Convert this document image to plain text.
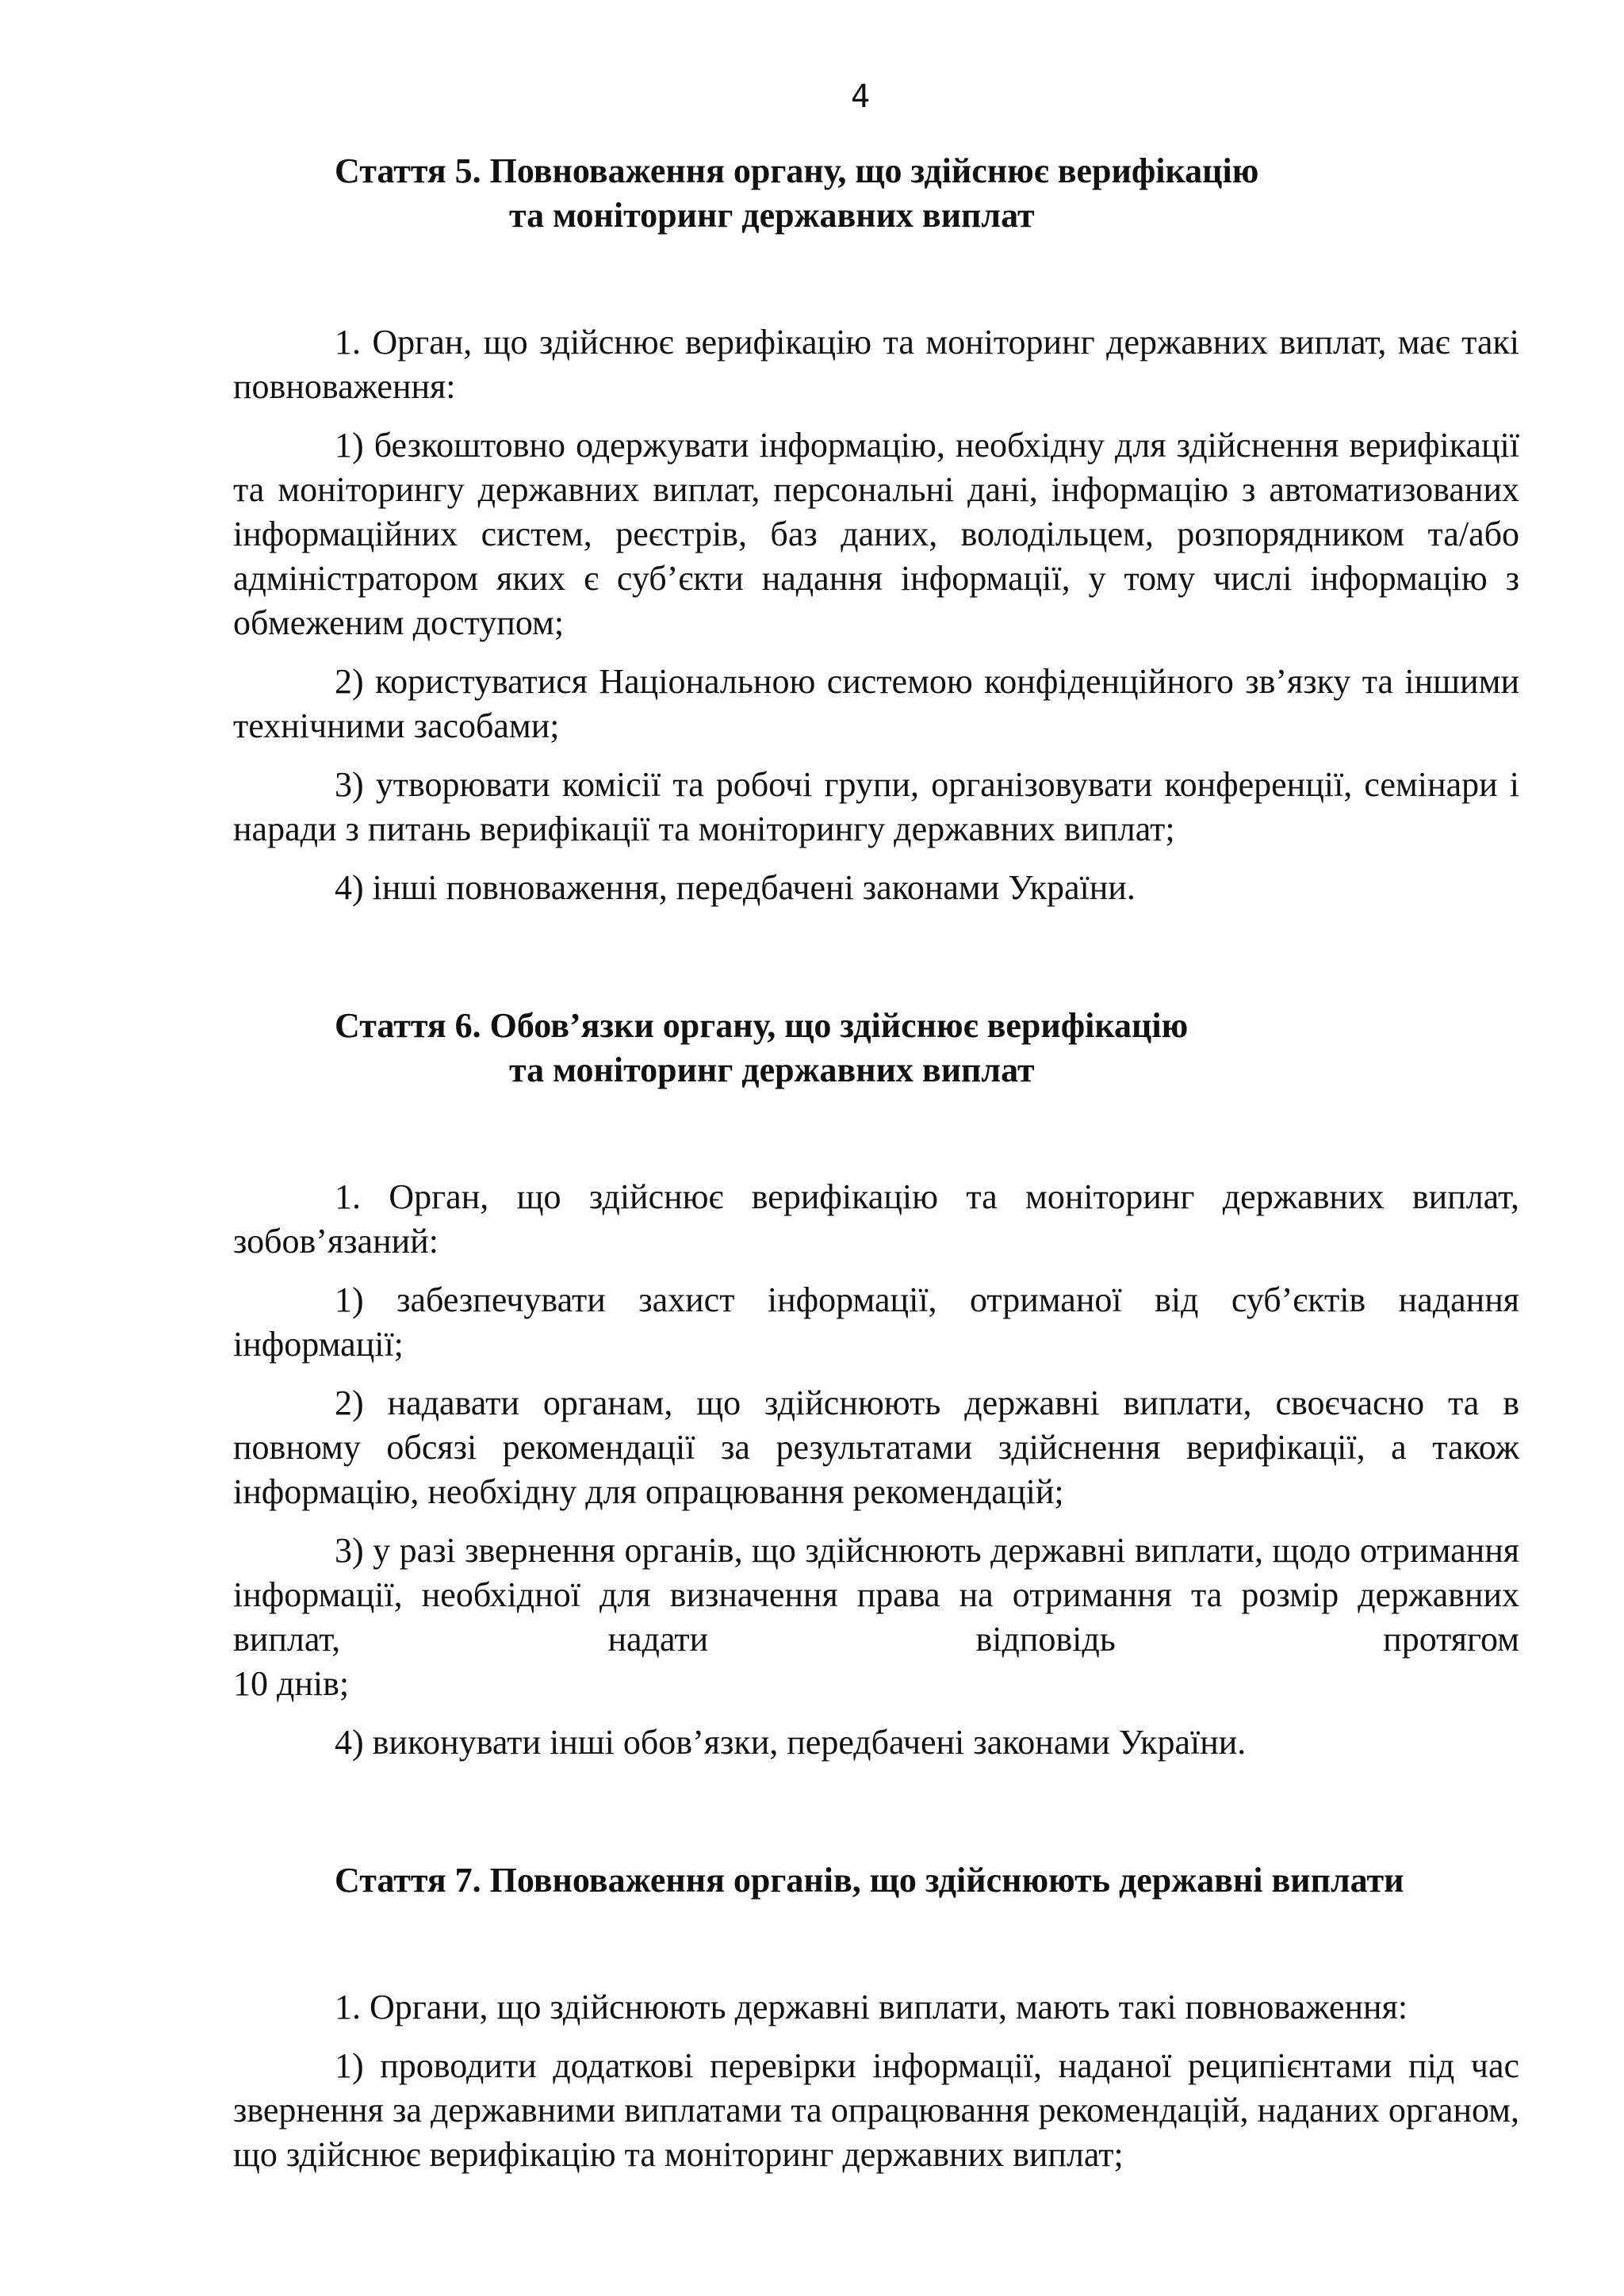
4
Стаття 5. Повноваження органу, що здійснює верифікацію
та моніторинг державних виплат

1. Орган, що здійснює верифікацію та моніторинг державних виплат, має такі повноваження:

1) безкоштовно одержувати інформацію, необхідну для здійснення верифікації та моніторингу державних виплат, персональні дані, інформацію з автоматизованих інформаційних систем, реєстрів, баз даних, володільцем, розпорядником та/або адміністратором яких є суб’єкти надання інформації, у тому числі інформацію з обмеженим доступом;

2) користуватися Національною системою конфіденційного зв’язку та іншими технічними засобами;

3) утворювати комісії та робочі групи, організовувати конференції, семінари і наради з питань верифікації та моніторингу державних виплат;

4) інші повноваження, передбачені законами України.

Стаття 6. Обов’язки органу, що здійснює верифікацію
та моніторинг державних виплат

1. Орган, що здійснює верифікацію та моніторинг державних виплат, зобов’язаний:

1) забезпечувати захист інформації, отриманої від суб’єктів надання інформації;

2) надавати органам, що здійснюють державні виплати, своєчасно та в повному обсязі рекомендації за результатами здійснення верифікації, а також інформацію, необхідну для опрацювання рекомендацій;

3) у разі звернення органів, що здійснюють державні виплати, щодо отримання інформації, необхідної для визначення права на отримання та розмір державних виплат, надати відповідь протягом

10 днів;

4) виконувати інші обов’язки, передбачені законами України.

Стаття 7. Повноваження органів, що здійснюють державні виплати

1. Органи, що здійснюють державні виплати, мають такі повноваження:

1) проводити додаткові перевірки інформації, наданої реципієнтами під час звернення за державними виплатами та опрацювання рекомендацій, наданих органом, що здійснює верифікацію та моніторинг державних виплат;
